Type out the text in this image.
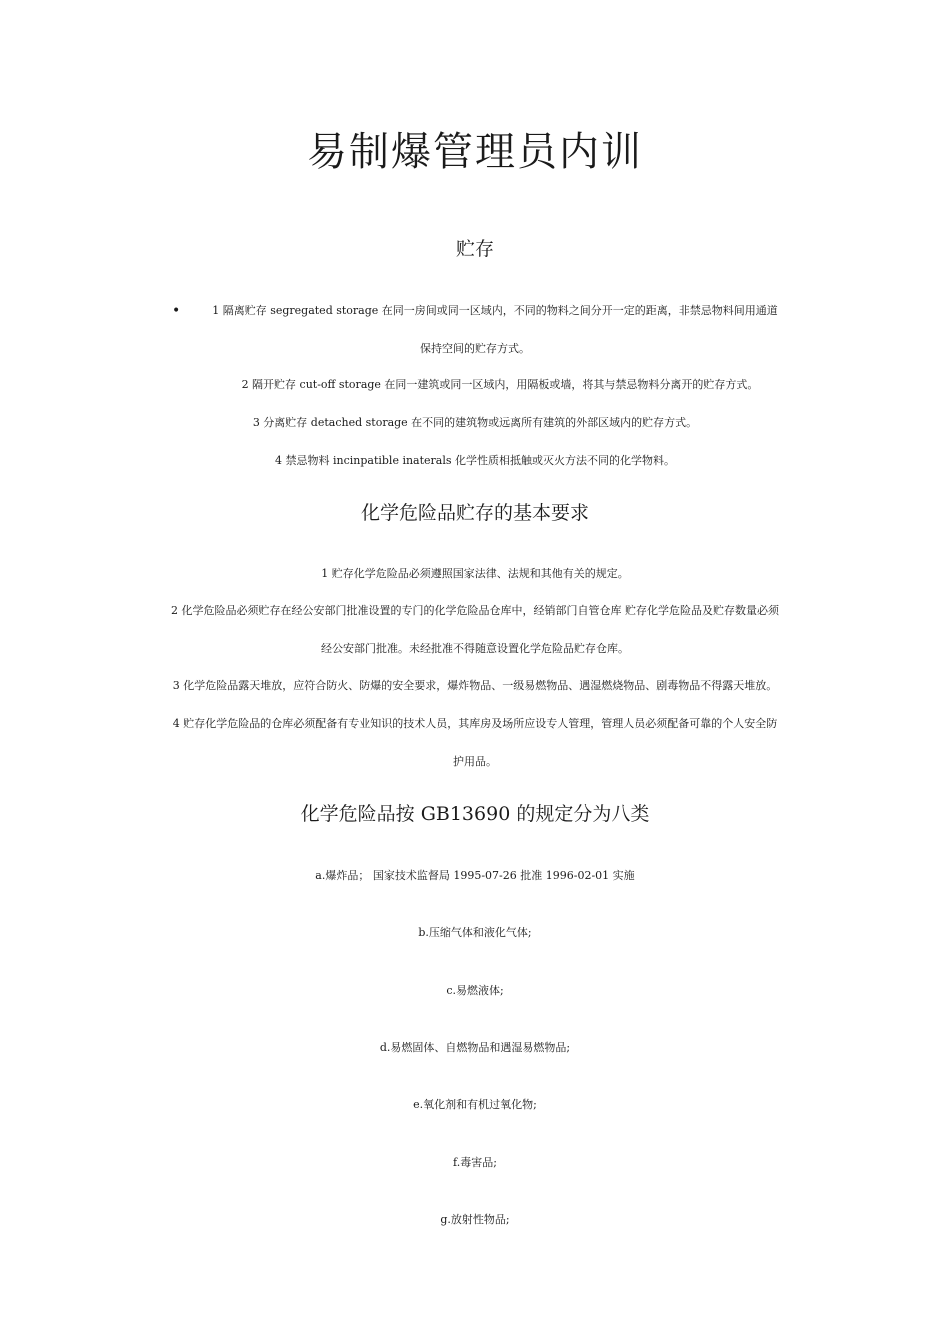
易制爆管理员内训
贮存
•	1 隔离贮存 segregated storage 在同一房间或同一区域内，不同的物料之间分开一定的距离，非禁忌物料间用通道
保持空间的贮存方式。
2 隔开贮存 cut-off storage 在同一建筑或同一区域内，用隔板或墙，将其与禁忌物料分离开的贮存方式。
3 分离贮存 detached storage 在不同的建筑物或远离所有建筑的外部区域内的贮存方式。
4 禁忌物料 incinpatible inaterals 化学性质相抵触或灭火方法不同的化学物料。
化学危险品贮存的基本要求
1 贮存化学危险品必须遵照国家法律、法规和其他有关的规定。
2 化学危险品必须贮存在经公安部门批准设置的专门的化学危险品仓库中，经销部门自管仓库 贮存化学危险品及贮存数量必须
经公安部门批准。未经批准不得随意设置化学危险品贮存仓库。
3 化学危险品露天堆放，应符合防火、防爆的安全要求，爆炸物品、一级易燃物品、遇湿燃烧物品、剧毒物品不得露天堆放。
4 贮存化学危险品的仓库必须配备有专业知识的技术人员，其库房及场所应设专人管理，管理人员必须配备可靠的个人安全防
护用品。
化学危险品按 GB13690 的规定分为八类
a.爆炸品； 国家技术监督局 1995-07-26 批准 1996-02-01 实施
b.压缩气体和液化气体;
c.易燃液体;
d.易燃固体、自燃物品和遇湿易燃物品;
e.氧化剂和有机过氧化物;
f.毒害品;
g.放射性物品;
